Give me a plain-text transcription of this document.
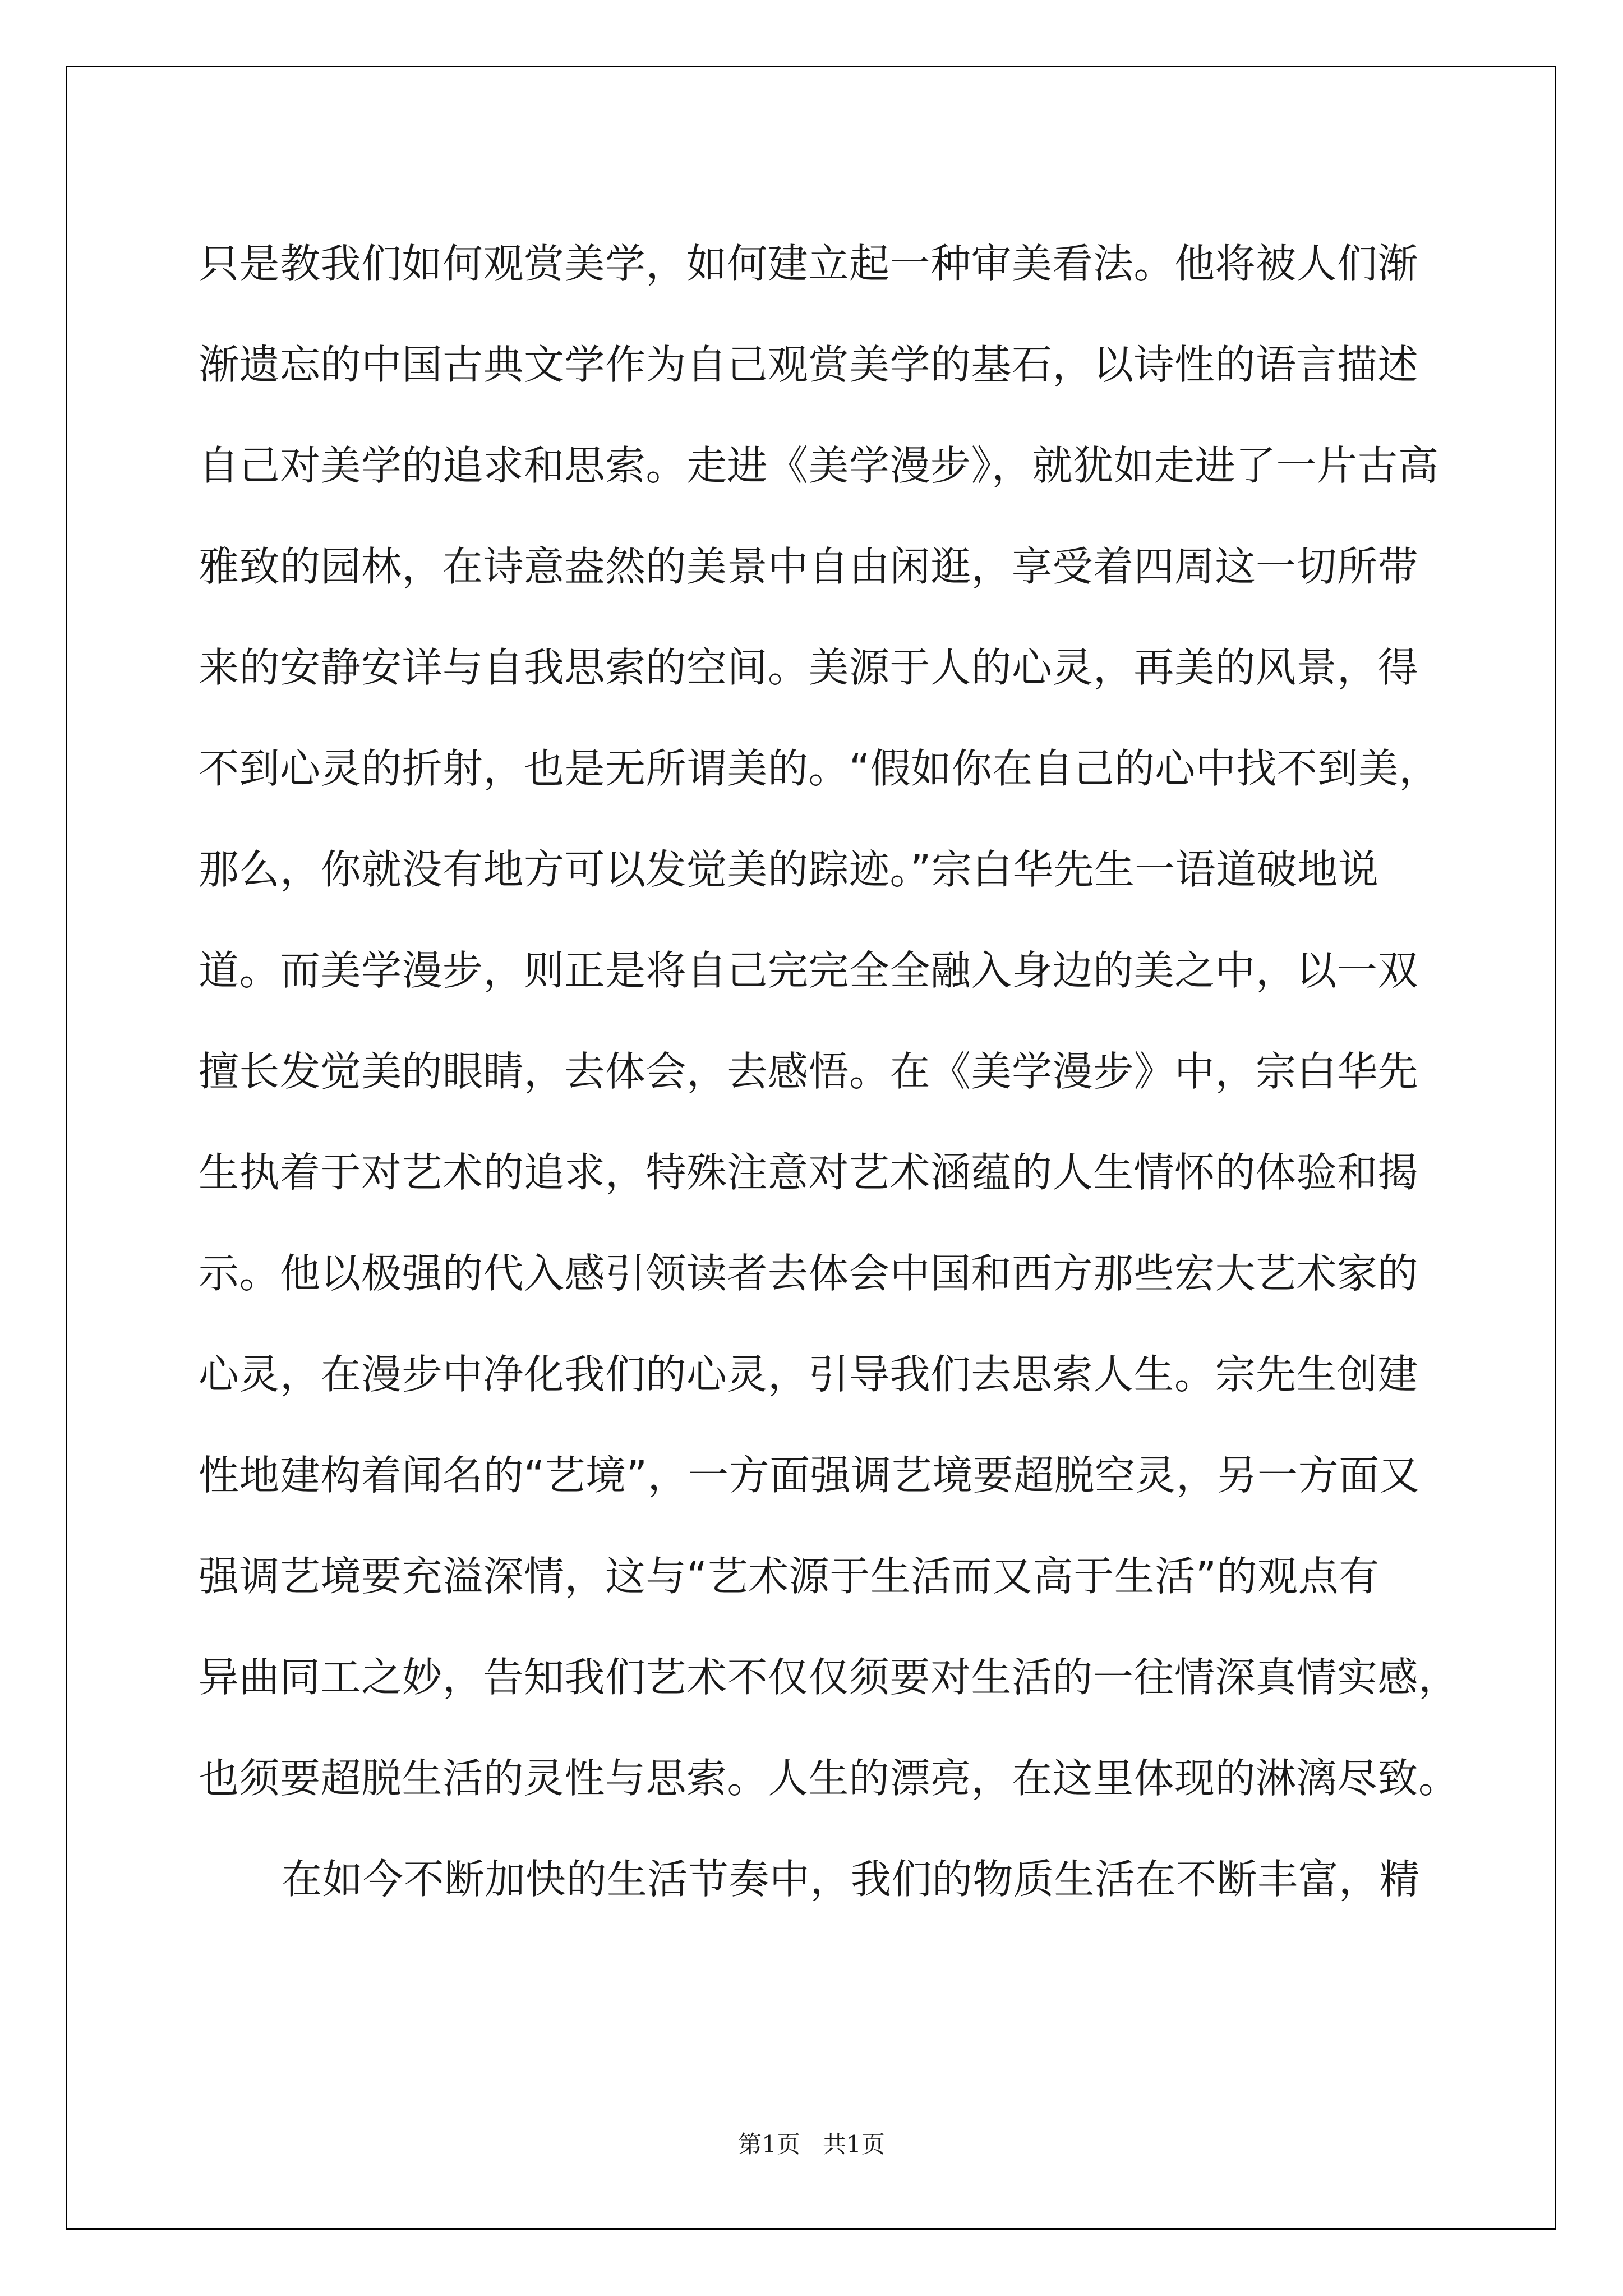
只是教我们如何观赏美学，如何建立起一种审美看法。他将被人们渐
渐遗忘的中国古典文学作为自己观赏美学的基石，以诗性的语言描述
自己对美学的追求和思索。走进《美学漫步》，就犹如走进了一片古高
雅致的园林，在诗意盎然的美景中自由闲逛，享受着四周这一切所带
来的安静安详与自我思索的空间。美源于人的心灵，再美的风景，得
不到心灵的折射，也是无所谓美的。“假如你在自己的心中找不到美，
那么，你就没有地方可以发觉美的踪迹。”宗白华先生一语道破地说
道。而美学漫步，则正是将自己完完全全融入身边的美之中，以一双
擅长发觉美的眼睛，去体会，去感悟。在《美学漫步》中，宗白华先
生执着于对艺术的追求，特殊注意对艺术涵蕴的人生情怀的体验和揭
示。他以极强的代入感引领读者去体会中国和西方那些宏大艺术家的
心灵，在漫步中净化我们的心灵，引导我们去思索人生。宗先生创建
性地建构着闻名的“艺境”，一方面强调艺境要超脱空灵，另一方面又
强调艺境要充溢深情，这与“艺术源于生活而又高于生活”的观点有
异曲同工之妙，告知我们艺术不仅仅须要对生活的一往情深真情实感，
也须要超脱生活的灵性与思索。人生的漂亮，在这里体现的淋漓尽致。
在如今不断加快的生活节奏中，我们的物质生活在不断丰富，精
第1页 共1页
